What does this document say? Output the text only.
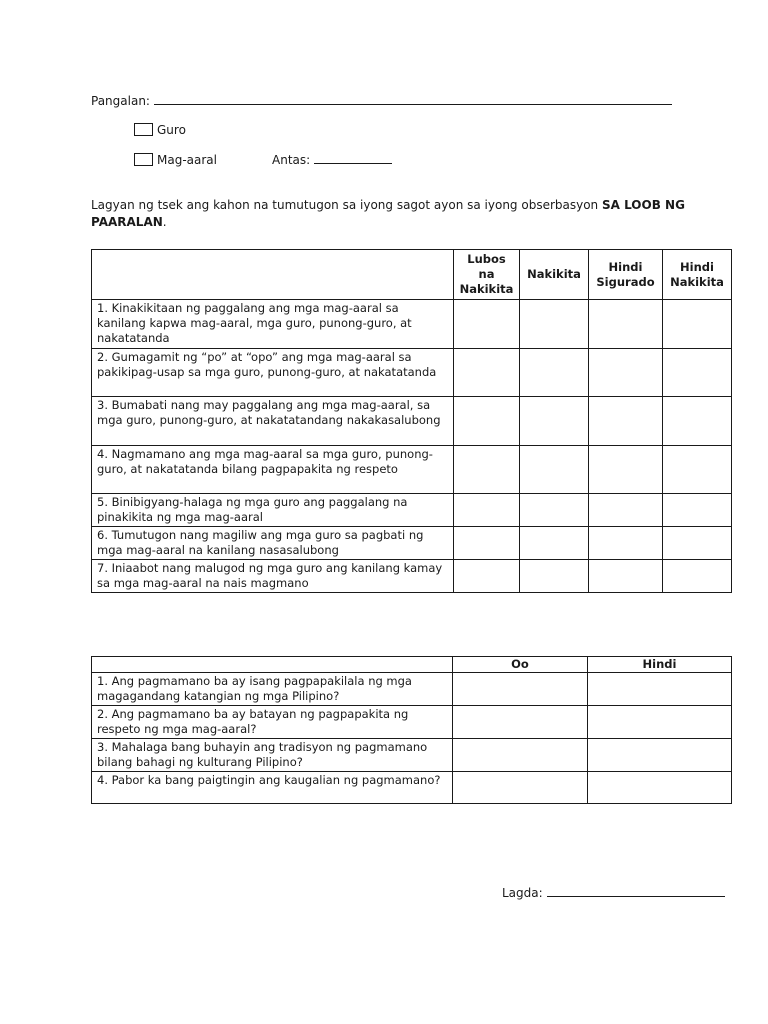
Pangalan:
Guro
Mag-aaral	Antas:
Lagyan ng tsek ang kahon na tumutugon sa iyong sagot ayon sa iyong obserbasyon SA LOOB NG PAARALAN.
	Lubos na Nakikita	Nakikita	Hindi Sigurado	Hindi Nakikita
1. Kinakikitaan ng paggalang ang mga mag-aaral sa kanilang kapwa mag-aaral, mga guro, punong-guro, at nakatatanda				
2. Gumagamit ng “po” at “opo” ang mga mag-aaral sa pakikipag-usap sa mga guro, punong-guro, at nakatatanda				
3. Bumabati nang may paggalang ang mga mag-aaral, sa mga guro, punong-guro, at nakatatandang nakakasalubong				
4. Nagmamano ang mga mag-aaral sa mga guro, punong-guro, at nakatatanda bilang pagpapakita ng respeto				
5. Binibigyang-halaga ng mga guro ang paggalang na pinakikita ng mga mag-aaral				
6. Tumutugon nang magiliw ang mga guro sa pagbati ng mga mag-aaral na kanilang nasasalubong				
7. Iniaabot nang malugod ng mga guro ang kanilang kamay sa mga mag-aaral na nais magmano				
	Oo	Hindi
1. Ang pagmamano ba ay isang pagpapakilala ng mga magagandang katangian ng mga Pilipino?		
2. Ang pagmamano ba ay batayan ng pagpapakita ng respeto ng mga mag-aaral?		
3. Mahalaga bang buhayin ang tradisyon ng pagmamano bilang bahagi ng kulturang Pilipino?		
4. Pabor ka bang paigtingin ang kaugalian ng pagmamano?		
Lagda:
